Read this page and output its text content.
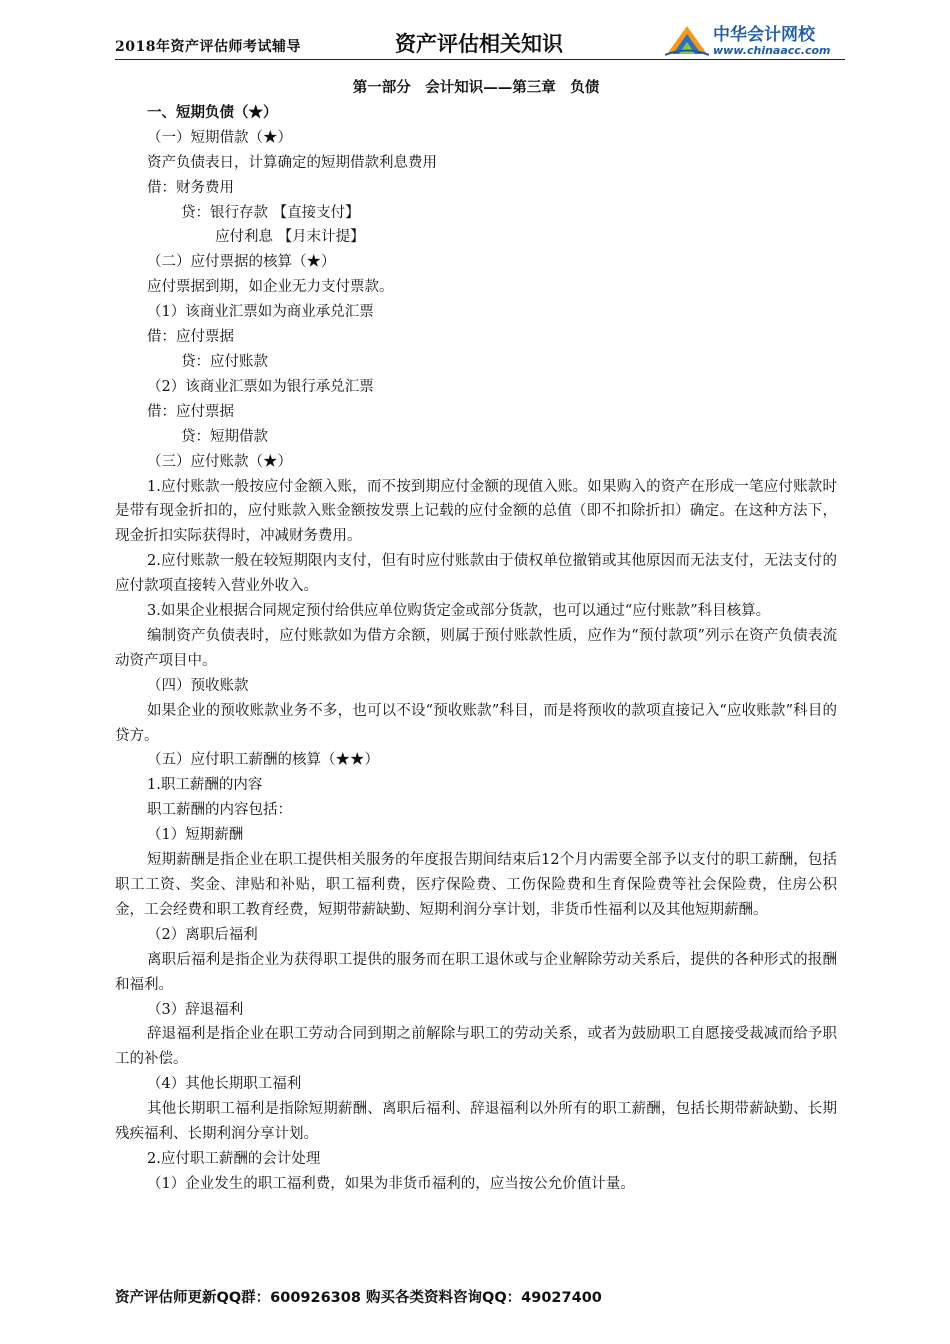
2018年资产评估师考试辅导	资产评估相关知识	中华会计网校
www.chinaacc.com

第一部分　会计知识——第三章　负债

一、短期负债（★）

（一）短期借款（★）

资产负债表日，计算确定的短期借款利息费用

借：财务费用

贷：银行存款 【直接支付】

应付利息 【月末计提】

（二）应付票据的核算（★）

应付票据到期，如企业无力支付票款。

（1）该商业汇票如为商业承兑汇票

借：应付票据

贷：应付账款

（2）该商业汇票如为银行承兑汇票

借：应付票据

贷：短期借款

（三）应付账款（★）

1.应付账款一般按应付金额入账，而不按到期应付金额的现值入账。如果购入的资产在形成一笔应付账款时是带有现金折扣的，应付账款入账金额按发票上记载的应付金额的总值（即不扣除折扣）确定。在这种方法下，现金折扣实际获得时，冲减财务费用。

2.应付账款一般在较短期限内支付，但有时应付账款由于债权单位撤销或其他原因而无法支付，无法支付的应付款项直接转入营业外收入。

3.如果企业根据合同规定预付给供应单位购货定金或部分货款，也可以通过“应付账款”科目核算。

编制资产负债表时，应付账款如为借方余额，则属于预付账款性质，应作为“预付款项”列示在资产负债表流动资产项目中。

（四）预收账款

如果企业的预收账款业务不多，也可以不设“预收账款”科目，而是将预收的款项直接记入“应收账款”科目的贷方。

（五）应付职工薪酬的核算（★★）

1.职工薪酬的内容

职工薪酬的内容包括：

（1）短期薪酬

短期薪酬是指企业在职工提供相关服务的年度报告期间结束后12个月内需要全部予以支付的职工薪酬，包括职工工资、奖金、津贴和补贴，职工福利费，医疗保险费、工伤保险费和生育保险费等社会保险费，住房公积金，工会经费和职工教育经费，短期带薪缺勤、短期利润分享计划，非货币性福利以及其他短期薪酬。

（2）离职后福利

离职后福利是指企业为获得职工提供的服务而在职工退休或与企业解除劳动关系后，提供的各种形式的报酬和福利。

（3）辞退福利

辞退福利是指企业在职工劳动合同到期之前解除与职工的劳动关系，或者为鼓励职工自愿接受裁减而给予职工的补偿。

（4）其他长期职工福利

其他长期职工福利是指除短期薪酬、离职后福利、辞退福利以外所有的职工薪酬，包括长期带薪缺勤、长期残疾福利、长期利润分享计划。

2.应付职工薪酬的会计处理

（1）企业发生的职工福利费，如果为非货币福利的，应当按公允价值计量。

资产评估师更新QQ群：600926308 购买各类资料咨询QQ：49027400
